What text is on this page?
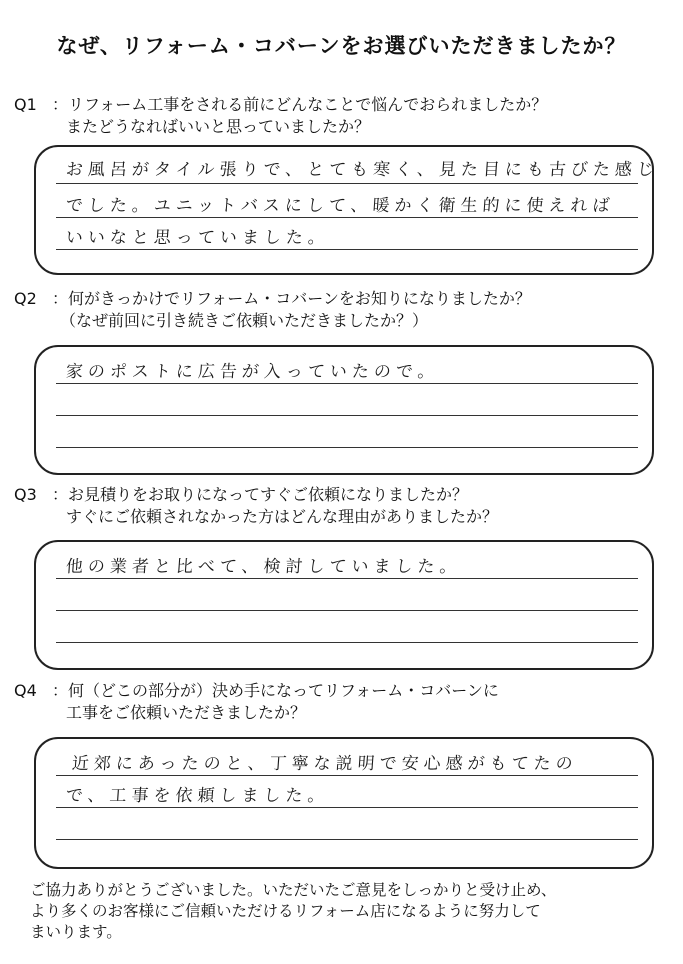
なぜ、リフォーム・コバーンをお選びいただきましたか？
Q1 ：リフォーム工事をされる前にどんなことで悩んでおられましたか？
またどうなればいいと思っていましたか？
お風呂がタイル張りで、とても寒く、見た目にも古びた感じ
でした。ユニットバスにして、暖かく衛生的に使えれば
いいなと思っていました。
Q2 ：何がきっかけでリフォーム・コバーンをお知りになりましたか？
（なぜ前回に引き続きご依頼いただきましたか？）
家のポストに広告が入っていたので。
Q3 ：お見積りをお取りになってすぐご依頼になりましたか？
すぐにご依頼されなかった方はどんな理由がありましたか？
他の業者と比べて、検討していました。
Q4 ：何（どこの部分が）決め手になってリフォーム・コバーンに
工事をご依頼いただきましたか？
近郊にあったのと、丁寧な説明で安心感がもてたの
で、工事を依頼しました。
ご協力ありがとうございました。いただいたご意見をしっかりと受け止め、
より多くのお客様にご信頼いただけるリフォーム店になるように努力して
まいります。
